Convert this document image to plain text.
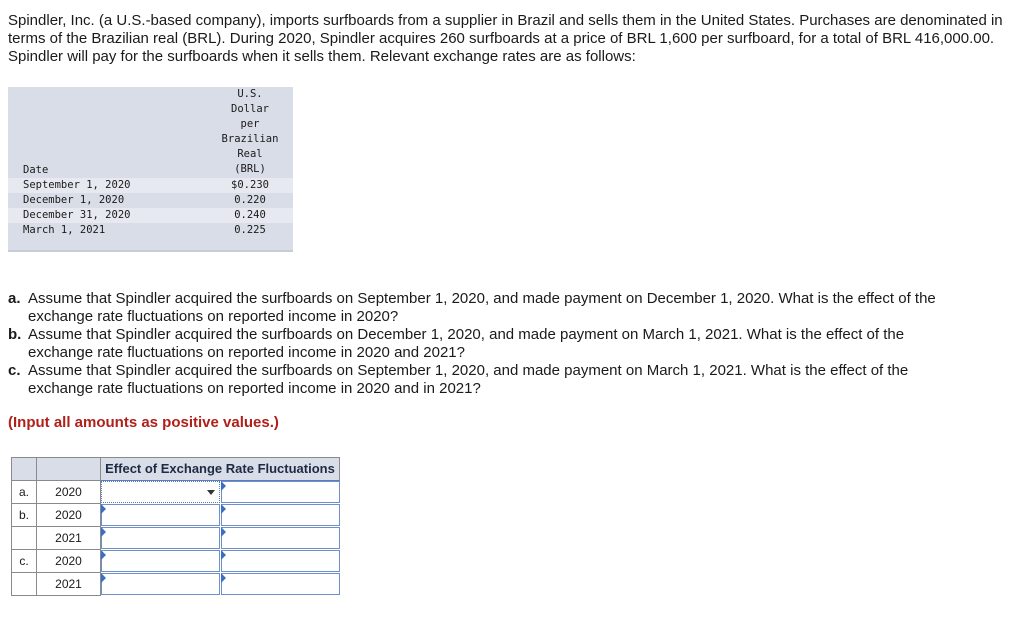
Spindler, Inc. (a U.S.-based company), imports surfboards from a supplier in Brazil and sells them in the United States. Purchases are denominated in terms of the Brazilian real (BRL). During 2020, Spindler acquires 260 surfboards at a price of BRL 1,600 per surfboard, for a total of BRL 416,000.00. Spindler will pay for the surfboards when it sells them. Relevant exchange rates are as follows:

U.S.
Dollar
per
Brazilian
Real
(BRL)
Date
September 1, 2020	$0.230
December 1, 2020	0.220
December 31, 2020	0.240
March 1, 2021	0.225
a. Assume that Spindler acquired the surfboards on September 1, 2020, and made payment on December 1, 2020. What is the effect of the exchange rate fluctuations on reported income in 2020?
b. Assume that Spindler acquired the surfboards on December 1, 2020, and made payment on March 1, 2021. What is the effect of the exchange rate fluctuations on reported income in 2020 and 2021?
c. Assume that Spindler acquired the surfboards on September 1, 2020, and made payment on March 1, 2021. What is the effect of the exchange rate fluctuations on reported income in 2020 and in 2021?
(Input all amounts as positive values.)
Effect of Exchange Rate Fluctuations
a.	2020
b.	2020
2021
c.	2020
2021
